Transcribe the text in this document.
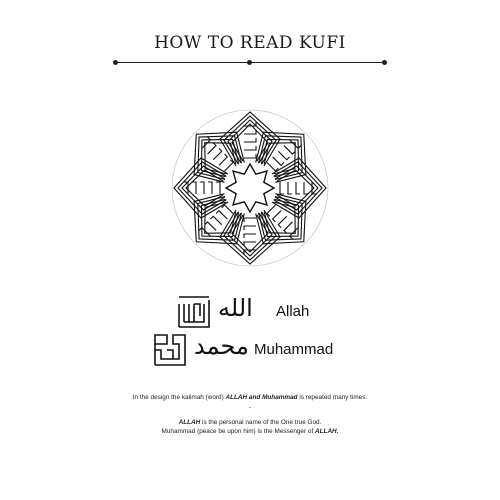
HOW TO READ KUFI
الله Allah
محمد Muhammad
In the design the kalimah (word) ALLAH and Muhammad is repeated many times.
-
ALLAH is the personal name of the One true God.
Muhammad (peace be upon him) is the Messenger of ALLAH.
